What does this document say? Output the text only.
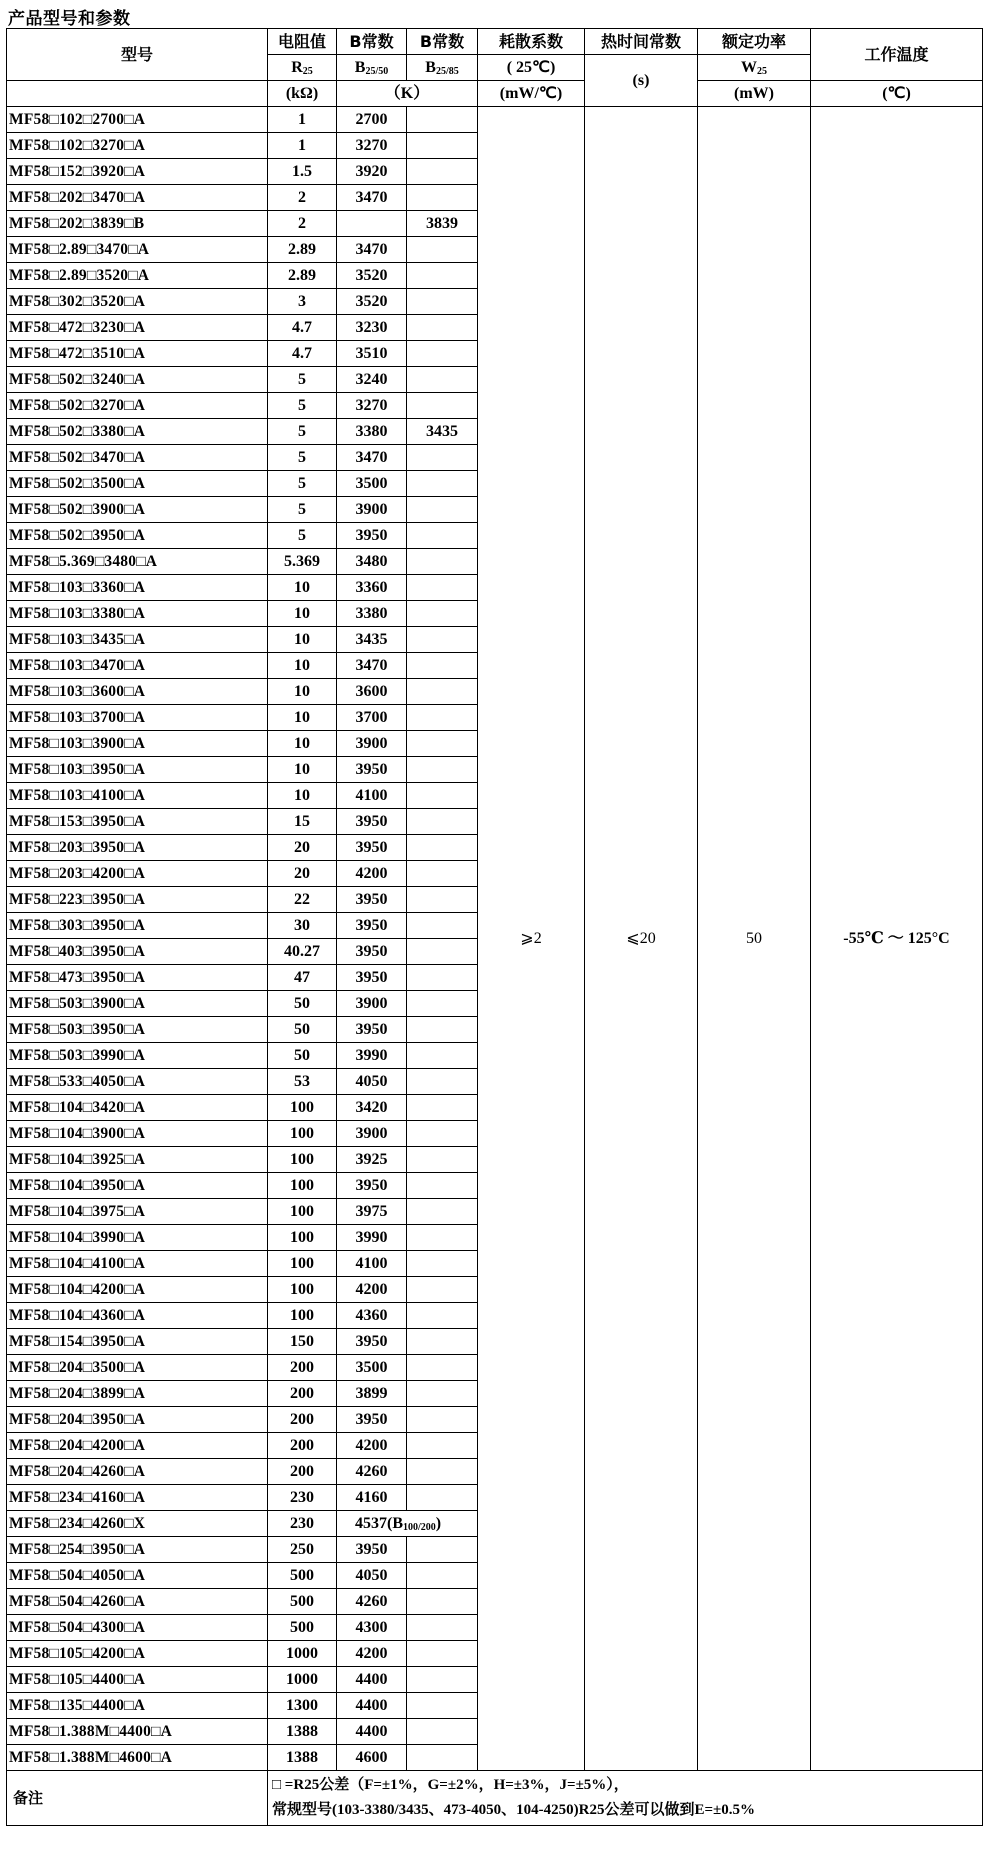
产品型号和参数
型号	电阻值	B常数	B常数	耗散系数	热时间常数	额定功率	工作温度
	$R_{25}$	$B_{25/50}$	$B_{25/85}$	( 25℃)	(s)	$W_{25}$
	(kΩ)	（K）		(mW/℃)		(mW)	(℃)
MF58□102□2700□A	1	2700		⩾2	⩽20	50	-55℃ ～ 125°C
MF58□102□3270□A	1	3270					
MF58□152□3920□A	1.5	3920					
MF58□202□3470□A	2	3470					
MF58□202□3839□B	2		3839				
MF58□2.89□3470□A	2.89	3470					
MF58□2.89□3520□A	2.89	3520					
MF58□302□3520□A	3	3520					
MF58□472□3230□A	4.7	3230					
MF58□472□3510□A	4.7	3510					
MF58□502□3240□A	5	3240					
MF58□502□3270□A	5	3270					
MF58□502□3380□A	5	3380	3435				
MF58□502□3470□A	5	3470					
MF58□502□3500□A	5	3500					
MF58□502□3900□A	5	3900					
MF58□502□3950□A	5	3950					
MF58□5.369□3480□A	5.369	3480					
MF58□103□3360□A	10	3360					
MF58□103□3380□A	10	3380					
MF58□103□3435□A	10	3435					
MF58□103□3470□A	10	3470					
MF58□103□3600□A	10	3600					
MF58□103□3700□A	10	3700					
MF58□103□3900□A	10	3900					
MF58□103□3950□A	10	3950					
MF58□103□4100□A	10	4100					
MF58□153□3950□A	15	3950					
MF58□203□3950□A	20	3950					
MF58□203□4200□A	20	4200					
MF58□223□3950□A	22	3950					
MF58□303□3950□A	30	3950					
MF58□403□3950□A	40.27	3950					
MF58□473□3950□A	47	3950					
MF58□503□3900□A	50	3900					
MF58□503□3950□A	50	3950					
MF58□503□3990□A	50	3990					
MF58□533□4050□A	53	4050					
MF58□104□3420□A	100	3420					
MF58□104□3900□A	100	3900					
MF58□104□3925□A	100	3925					
MF58□104□3950□A	100	3950					
MF58□104□3975□A	100	3975					
MF58□104□3990□A	100	3990					
MF58□104□4100□A	100	4100					
MF58□104□4200□A	100	4200					
MF58□104□4360□A	100	4360					
MF58□154□3950□A	150	3950					
MF58□204□3500□A	200	3500					
MF58□204□3899□A	200	3899					
MF58□204□3950□A	200	3950					
MF58□204□4200□A	200	4200					
MF58□204□4260□A	200	4260					
MF58□234□4160□A	230	4160					
MF58□234□4260□X	230	$4537(B_{100/200})$					
MF58□254□3950□A	250	3950					
MF58□504□4050□A	500	4050					
MF58□504□4260□A	500	4260					
MF58□504□4300□A	500	4300					
MF58□105□4200□A	1000	4200					
MF58□105□4400□A	1000	4400					
MF58□135□4400□A	1300	4400					
MF58□1.388M□4400□A	1388	4400					
MF58□1.388M□4600□A	1388	4600					
备注	□ =R25公差（F=±1%，G=±2%，H=±3%，J=±5%），
常规型号(103-3380/3435、473-4050、104-4250)R25公差可以做到E=±0.5%						
